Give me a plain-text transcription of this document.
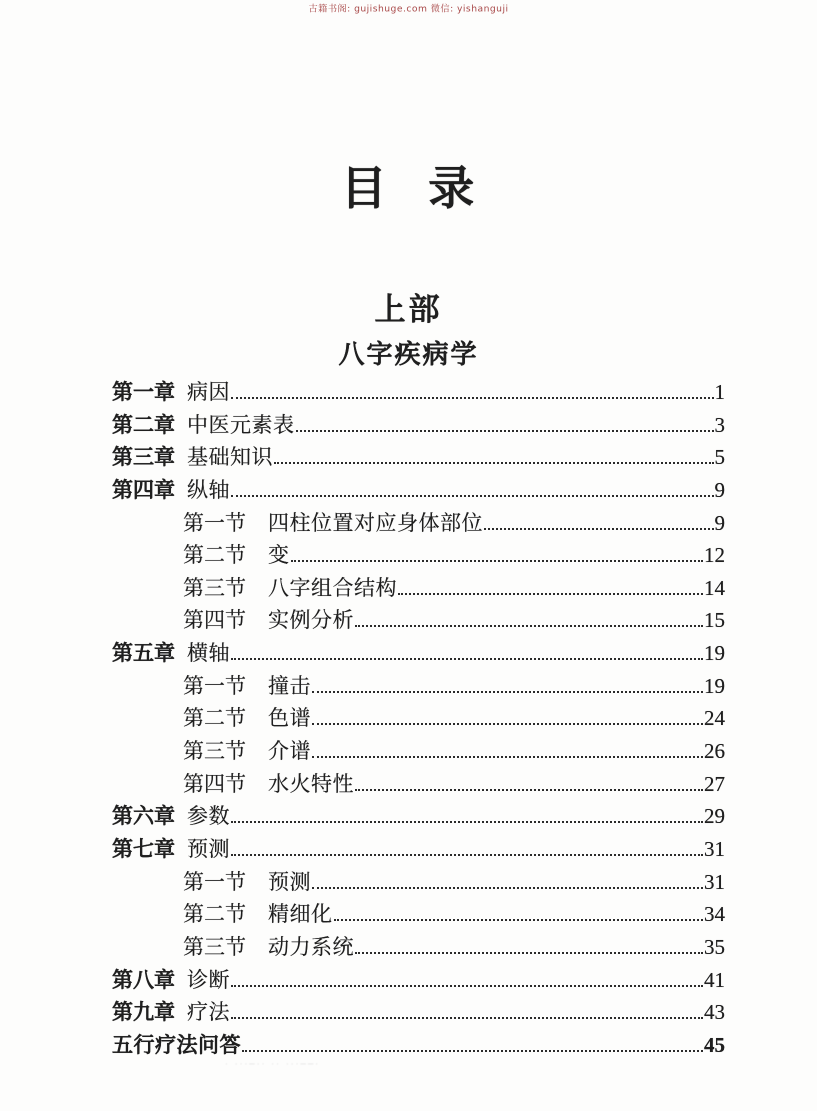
古籍书阁: gujishuge.com 微信: yishanguji
目 录
上部
八字疾病学
第一章 病因	1
第二章 中医元素表	3
第三章 基础知识	5
第四章 纵轴	9
第一节	四柱位置对应身体部位	9
第二节	变	12
第三节	八字组合结构	14
第四节	实例分析	15
第五章 横轴	19
第一节	撞击	19
第二节	色谱	24
第三节	介谱	26
第四节	水火特性	27
第六章 参数	29
第七章 预测	31
第一节	预测	31
第二节	精细化	34
第三节	动力系统	35
第八章 诊断	41
第九章 疗法	43
五行疗法问答	45
· ···─·· ·· ···──·
